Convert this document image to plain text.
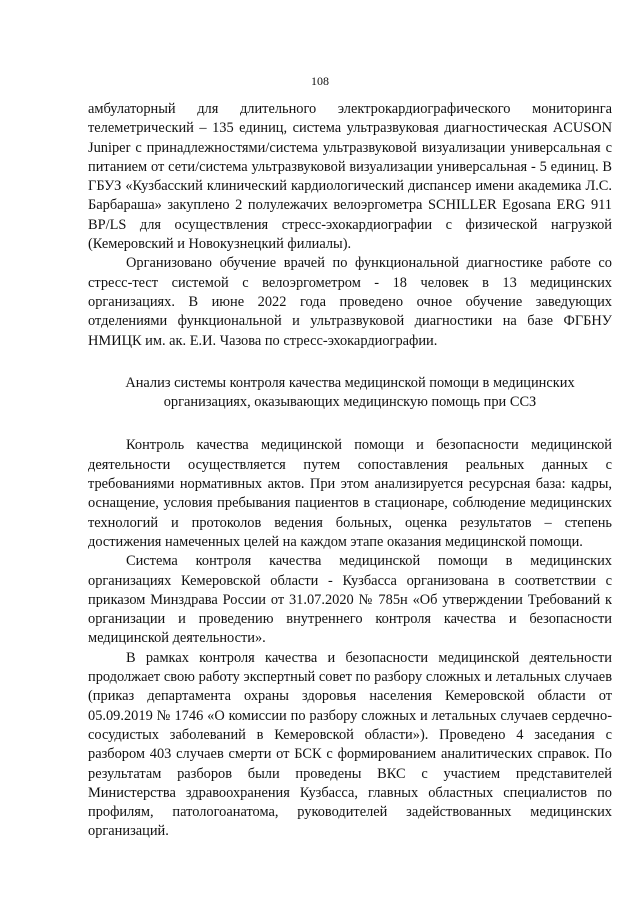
108

амбулаторный для длительного электрокардиографического мониторинга телеметрический – 135 единиц, система ультразвуковая диагностическая ACUSON Juniper с принадлежностями/система ультразвуковой визуализации универсальная с питанием от сети/система ультразвуковой визуализации универсальная - 5 единиц. В ГБУЗ «Кузбасский клинический кардиологический диспансер имени академика Л.С. Барбараша» закуплено 2 полулежачих велоэргометра SCHILLER Egosana ERG 911 BP/LS для осуществления стресс-эхокардиографии с физической нагрузкой (Кемеровский и Новокузнецкий филиалы).

Организовано обучение врачей по функциональной диагностике работе со стресс-тест системой с велоэргометром - 18 человек в 13 медицинских организациях. В июне 2022 года проведено очное обучение заведующих отделениями функциональной и ультразвуковой диагностики на базе ФГБНУ НМИЦК им. ак. Е.И. Чазова по стресс-эхокардиографии.

Анализ системы контроля качества медицинской помощи в медицинских организациях, оказывающих медицинскую помощь при ССЗ

Контроль качества медицинской помощи и безопасности медицинской деятельности осуществляется путем сопоставления реальных данных с требованиями нормативных актов. При этом анализируется ресурсная база: кадры, оснащение, условия пребывания пациентов в стационаре, соблюдение медицинских технологий и протоколов ведения больных, оценка результатов – степень достижения намеченных целей на каждом этапе оказания медицинской помощи.

Система контроля качества медицинской помощи в медицинских организациях Кемеровской области - Кузбасса организована в соответствии с приказом Минздрава России от 31.07.2020 № 785н «Об утверждении Требований к организации и проведению внутреннего контроля качества и безопасности медицинской деятельности».

В рамках контроля качества и безопасности медицинской деятельности продолжает свою работу экспертный совет по разбору сложных и летальных случаев (приказ департамента охраны здоровья населения Кемеровской области от 05.09.2019 № 1746 «О комиссии по разбору сложных и летальных случаев сердечно-сосудистых заболеваний в Кемеровской области»). Проведено 4 заседания с разбором 403 случаев смерти от БСК с формированием аналитических справок. По результатам разборов были проведены ВКС с участием представителей Министерства здравоохранения Кузбасса, главных областных специалистов по профилям, патологоанатома, руководителей задействованных медицинских организаций.
